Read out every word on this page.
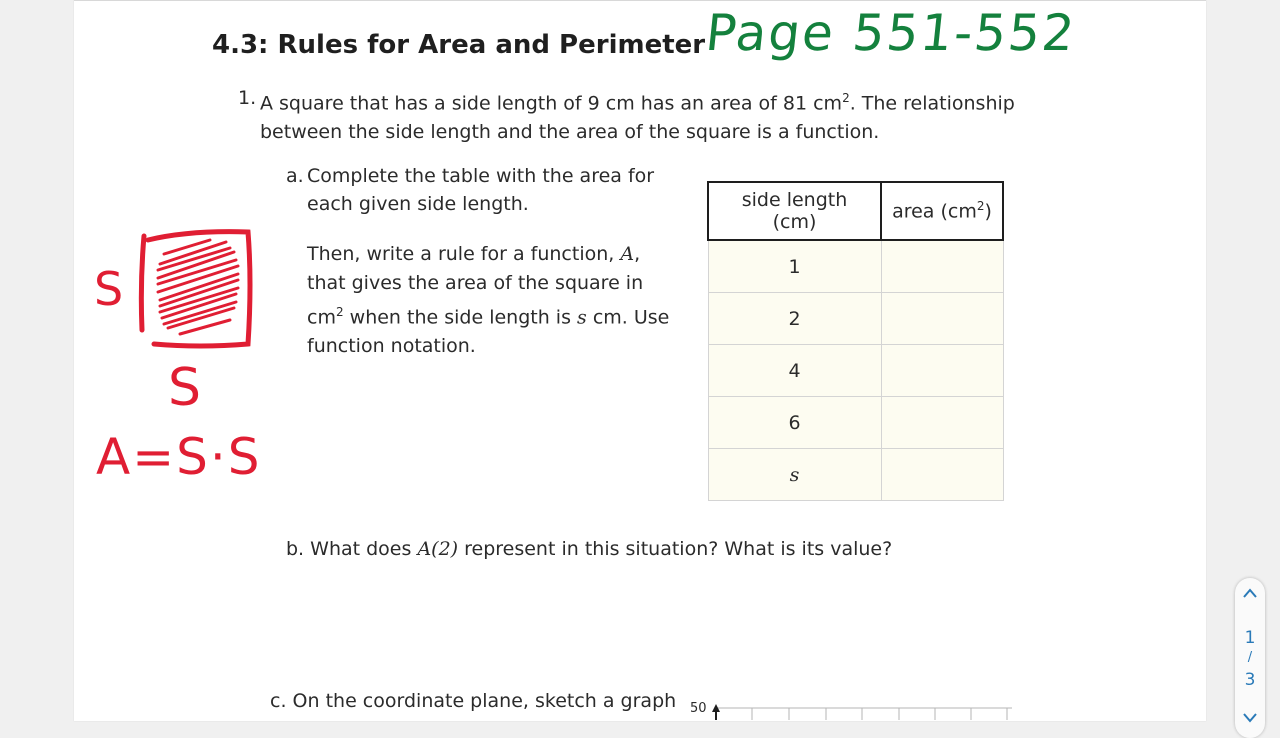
4.3: Rules for Area and Perimeter
Page 551-552
1. A square that has a side length of 9 cm has an area of 81 $cm^2$. The relationship between the side length and the area of the square is a function.
a. Complete the table with the area for each given side length.
Then, write a rule for a function, A, that gives the area of the square in $cm^2$ when the side length is s cm. Use function notation.
side length (cm)	area $(cm^2)$
1	
2	
4	
6	
s	
S
S
A=S·S
b. What does A(2) represent in this situation? What is its value?
c. On the coordinate plane, sketch a graph 50
1
/
3
